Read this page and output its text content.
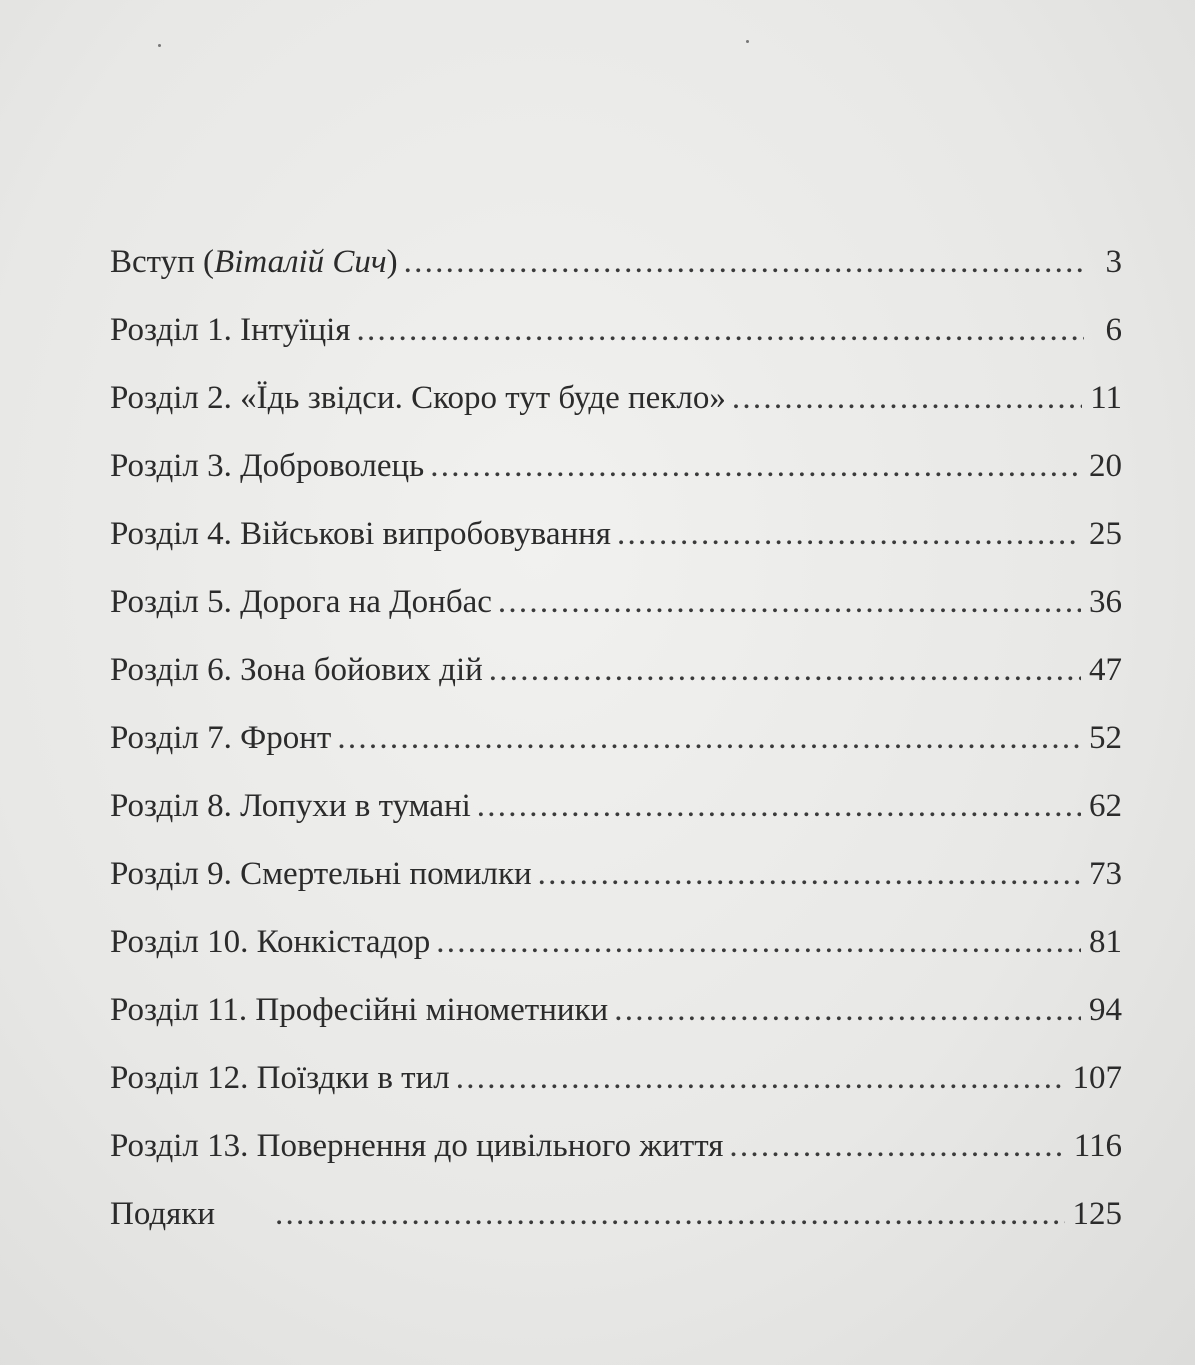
Вступ (Віталій Сич) . . .	3
Розділ 1. Інтуїція . . .	6
Розділ 2. «Їдь звідси. Скоро тут буде пекло» . . .	11
Розділ 3. Доброволець . . .	20
Розділ 4. Військові випробовування . . .	25
Розділ 5. Дорога на Донбас . . .	36
Розділ 6. Зона бойових дій . . .	47
Розділ 7. Фронт . . .	52
Розділ 8. Лопухи в тумані . . .	62
Розділ 9. Смертельні помилки . . .	73
Розділ 10. Конкістадор . . .	81
Розділ 11. Професійні мінометники . . .	94
Розділ 12. Поїздки в тил . . .	107
Розділ 13. Повернення до цивільного життя . . .	116
Подяки . . .	125
